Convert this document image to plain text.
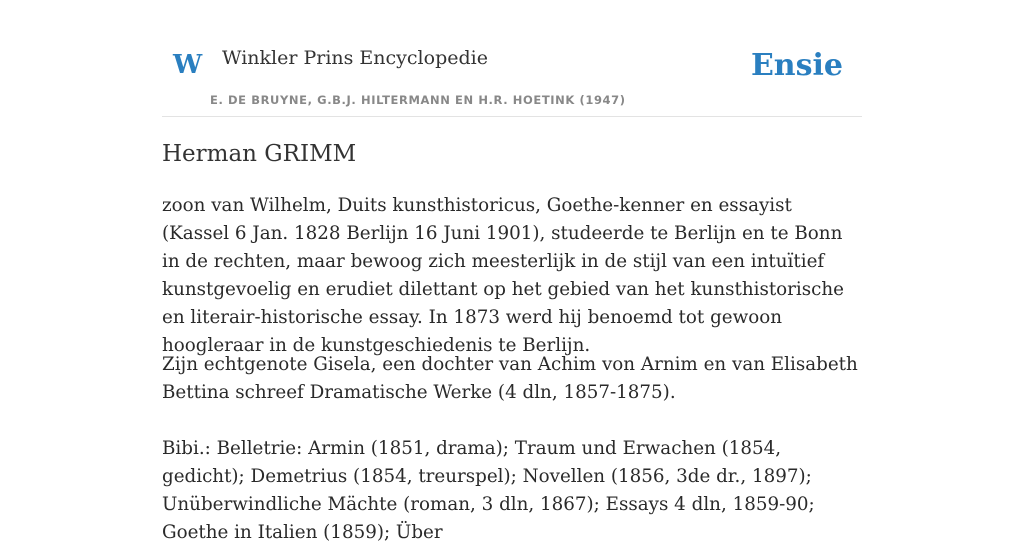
W Winkler Prins Encyclopedie
E. DE BRUYNE, G.B.J. HILTERMANN EN H.R. HOETINK (1947)
Ensie
Herman GRIMM

zoon van Wilhelm, Duits kunsthistoricus, Goethe-kenner en essayist (Kassel 6 Jan. 1828 Berlijn 16 Juni 1901), studeerde te Berlijn en te Bonn in de rechten, maar bewoog zich meesterlijk in de stijl van een intuïtief kunstgevoelig en erudiet dilettant op het gebied van het kunsthistorische en literair-historische essay. In 1873 werd hij benoemd tot gewoon hoogleraar in de kunstgeschiedenis te Berlijn.

Zijn echtgenote Gisela, een dochter van Achim von Arnim en van Elisabeth Bettina schreef Dramatische Werke (4 dln, 1857-1875).

Bibi.: Belletrie: Armin (1851, drama); Traum und Erwachen (1854, gedicht); Demetrius (1854, treurspel); Novellen (1856, 3de dr., 1897); Unüberwindliche Mächte (roman, 3 dln, 1867); Essays 4 dln, 1859-90; Goethe in Italien (1859); Über
